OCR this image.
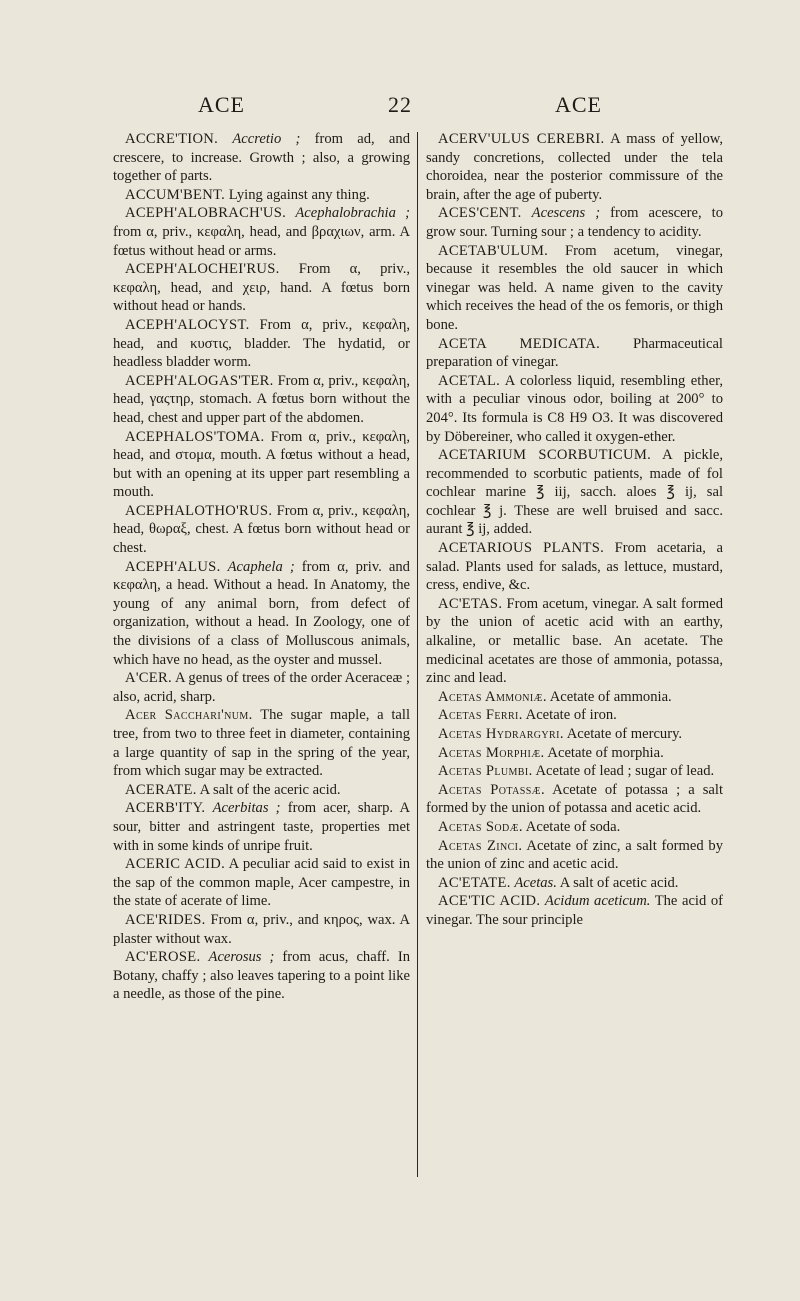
ACE	22	ACE

ACCRE'TION. Accretio ; from ad, and crescere, to increase. Growth ; also, a growing together of parts.

ACCUM'BENT. Lying against any thing.

ACEPH'ALOBRACH'US. Acephalobrachia ; from α, priv., κεφαλη, head, and βραχιων, arm. A fœtus without head or arms.

ACEPH'ALOCHEI'RUS. From α, priv., κεφαλη, head, and χειρ, hand. A fœtus born without head or hands.

ACEPH'ALOCYST. From α, priv., κεφαλη, head, and κυστις, bladder. The hydatid, or headless bladder worm.

ACEPH'ALOGAS'TER. From α, priv., κεφαλη, head, γαςτηρ, stomach. A fœtus born without the head, chest and upper part of the abdomen.

ACEPHALOS'TOMA. From α, priv., κεφαλη, head, and στομα, mouth. A fœtus without a head, but with an opening at its upper part resembling a mouth.

ACEPHALOTHO'RUS. From α, priv., κεφαλη, head, θωραξ, chest. A fœtus born without head or chest.

ACEPH'ALUS. Acaphela ; from α, priv. and κεφαλη, a head. Without a head. In Anatomy, the young of any animal born, from defect of organization, without a head. In Zoology, one of the divisions of a class of Molluscous animals, which have no head, as the oyster and mussel.

A'CER. A genus of trees of the order Aceraceæ ; also, acrid, sharp.

Acer Sacchari'num. The sugar maple, a tall tree, from two to three feet in diameter, containing a large quantity of sap in the spring of the year, from which sugar may be extracted.

ACERATE. A salt of the aceric acid.

ACERB'ITY. Acerbitas ; from acer, sharp. A sour, bitter and astringent taste, properties met with in some kinds of unripe fruit.

ACERIC ACID. A peculiar acid said to exist in the sap of the common maple, Acer campestre, in the state of acerate of lime.

ACE'RIDES. From α, priv., and κηρος, wax. A plaster without wax.

AC'EROSE. Acerosus ; from acus, chaff. In Botany, chaffy ; also leaves tapering to a point like a needle, as those of the pine.

ACERV'ULUS CEREBRI. A mass of yellow, sandy concretions, collected under the tela choroidea, near the posterior commissure of the brain, after the age of puberty.

ACES'CENT. Acescens ; from acescere, to grow sour. Turning sour ; a tendency to acidity.

ACETAB'ULUM. From acetum, vinegar, because it resembles the old saucer in which vinegar was held. A name given to the cavity which receives the head of the os femoris, or thigh bone.

ACETA MEDICATA. Pharmaceutical preparation of vinegar.

ACETAL. A colorless liquid, resembling ether, with a peculiar vinous odor, boiling at 200° to 204°. Its formula is C8 H9 O3. It was discovered by Döbereiner, who called it oxygen-ether.

ACETARIUM SCORBUTICUM. A pickle, recommended to scorbutic patients, made of fol cochlear marine ℥ iij, sacch. aloes ℥ ij, sal cochlear ℥ j. These are well bruised and sacc. aurant ℥ ij, added.

ACETARIOUS PLANTS. From acetaria, a salad. Plants used for salads, as lettuce, mustard, cress, endive, &c.

AC'ETAS. From acetum, vinegar. A salt formed by the union of acetic acid with an earthy, alkaline, or metallic base. An acetate. The medicinal acetates are those of ammonia, potassa, zinc and lead.

Acetas Ammoniæ. Acetate of ammonia.

Acetas Ferri. Acetate of iron.

Acetas Hydrargyri. Acetate of mercury.

Acetas Morphiæ. Acetate of morphia.

Acetas Plumbi. Acetate of lead ; sugar of lead.

Acetas Potassæ. Acetate of potassa ; a salt formed by the union of potassa and acetic acid.

Acetas Sodæ. Acetate of soda.

Acetas Zinci. Acetate of zinc, a salt formed by the union of zinc and acetic acid.

AC'ETATE. Acetas. A salt of acetic acid.

ACE'TIC ACID. Acidum aceticum. The acid of vinegar. The sour principle
